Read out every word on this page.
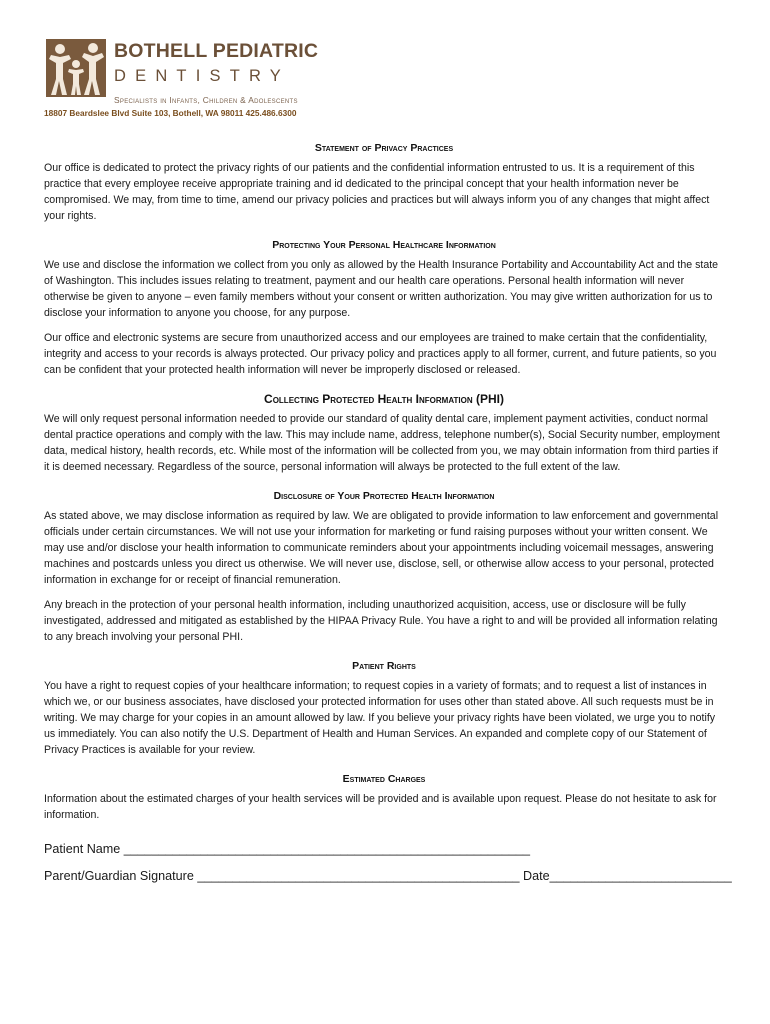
BOTHELL PEDIATRIC
DENTISTRY
Specialists in Infants, Children & Adolescents
18807 Beardslee Blvd Suite 103, Bothell, WA 98011 425.486.6300
Statement of Privacy Practices

Our office is dedicated to protect the privacy rights of our patients and the confidential information entrusted to us. It is a requirement of this practice that every employee receive appropriate training and id dedicated to the principal concept that your health information never be compromised. We may, from time to time, amend our privacy policies and practices but will always inform you of any changes that might affect your rights.

Protecting Your Personal Healthcare Information

We use and disclose the information we collect from you only as allowed by the Health Insurance Portability and Accountability Act and the state of Washington. This includes issues relating to treatment, payment and our health care operations. Personal health information will never otherwise be given to anyone – even family members without your consent or written authorization. You may give written authorization for us to disclose your information to anyone you choose, for any purpose.

Our office and electronic systems are secure from unauthorized access and our employees are trained to make certain that the confidentiality, integrity and access to your records is always protected. Our privacy policy and practices apply to all former, current, and future patients, so you can be confident that your protected health information will never be improperly disclosed or released.

Collecting Protected Health Information (PHI)

We will only request personal information needed to provide our standard of quality dental care, implement payment activities, conduct normal dental practice operations and comply with the law. This may include name, address, telephone number(s), Social Security number, employment data, medical history, health records, etc. While most of the information will be collected from you, we may obtain information from third parties if it is deemed necessary. Regardless of the source, personal information will always be protected to the full extent of the law.

Disclosure of Your Protected Health Information

As stated above, we may disclose information as required by law. We are obligated to provide information to law enforcement and governmental officials under certain circumstances. We will not use your information for marketing or fund raising purposes without your written consent. We may use and/or disclose your health information to communicate reminders about your appointments including voicemail messages, answering machines and postcards unless you direct us otherwise. We will never use, disclose, sell, or otherwise allow access to your personal, protected information in exchange for or receipt of financial remuneration.

Any breach in the protection of your personal health information, including unauthorized acquisition, access, use or disclosure will be fully investigated, addressed and mitigated as established by the HIPAA Privacy Rule. You have a right to and will be provided all information relating to any breach involving your personal PHI.

Patient Rights

You have a right to request copies of your healthcare information; to request copies in a variety of formats; and to request a list of instances in which we, or our business associates, have disclosed your protected information for uses other than stated above. All such requests must be in writing. We may charge for your copies in an amount allowed by law. If you believe your privacy rights have been violated, we urge you to notify us immediately. You can also notify the U.S. Department of Health and Human Services. An expanded and complete copy of our Statement of Privacy Practices is available for your review.

Estimated Charges

Information about the estimated charges of your health services will be provided and is available upon request. Please do not hesitate to ask for information.

Patient Name __________________________________________________________

Parent/Guardian Signature ______________________________________________ Date__________________________
